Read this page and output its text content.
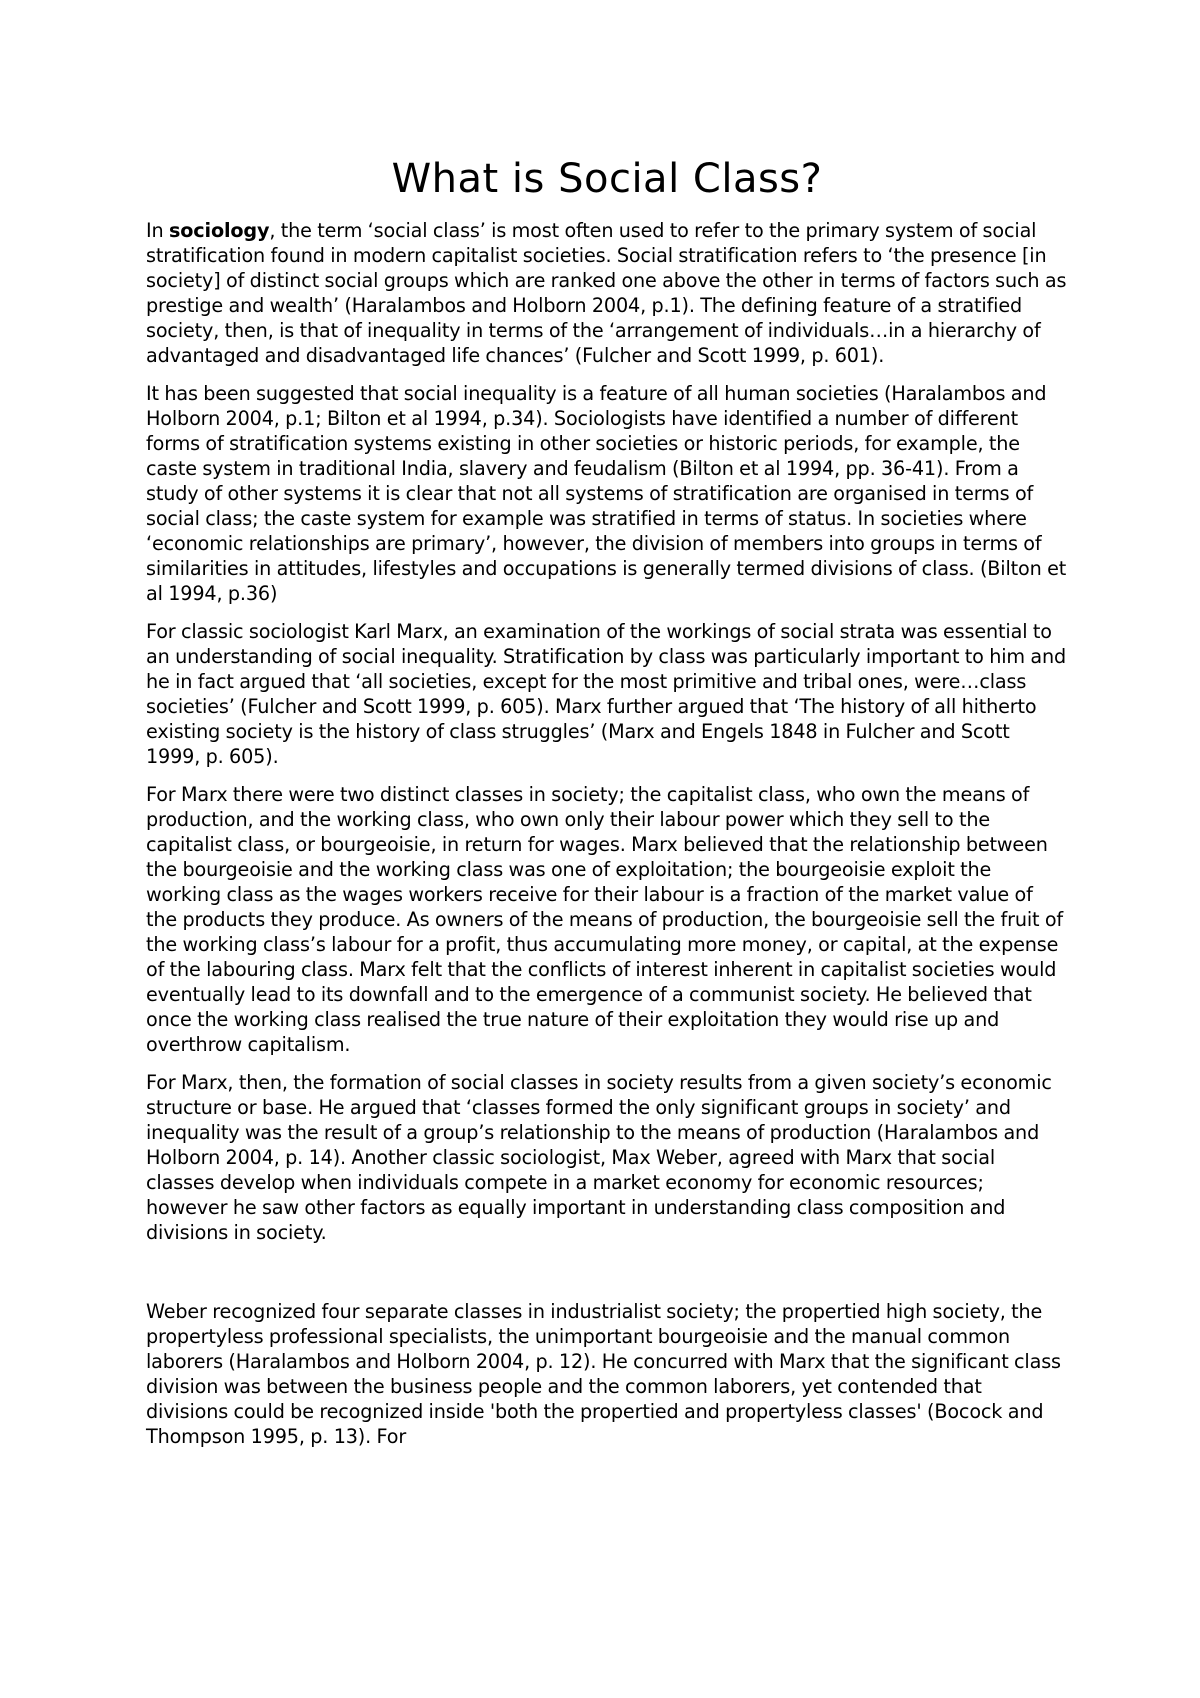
What is Social Class?

In sociology, the term ‘social class’ is most often used to refer to the primary system of social stratification found in modern capitalist societies. Social stratification refers to ‘the presence [in society] of distinct social groups which are ranked one above the other in terms of factors such as prestige and wealth’ (Haralambos and Holborn 2004, p.1). The defining feature of a stratified society, then, is that of inequality in terms of the ‘arrangement of individuals…in a hierarchy of advantaged and disadvantaged life chances’ (Fulcher and Scott 1999, p. 601).

It has been suggested that social inequality is a feature of all human societies (Haralambos and Holborn 2004, p.1; Bilton et al 1994, p.34). Sociologists have identified a number of different forms of stratification systems existing in other societies or historic periods, for example, the caste system in traditional India, slavery and feudalism (Bilton et al 1994, pp. 36-41). From a study of other systems it is clear that not all systems of stratification are organised in terms of social class; the caste system for example was stratified in terms of status. In societies where ‘economic relationships are primary’, however, the division of members into groups in terms of similarities in attitudes, lifestyles and occupations is generally termed divisions of class. (Bilton et al 1994, p.36)

For classic sociologist Karl Marx, an examination of the workings of social strata was essential to an understanding of social inequality. Stratification by class was particularly important to him and he in fact argued that ‘all societies, except for the most primitive and tribal ones, were…class societies’ (Fulcher and Scott 1999, p. 605). Marx further argued that ‘The history of all hitherto existing society is the history of class struggles’ (Marx and Engels 1848 in Fulcher and Scott 1999, p. 605).

For Marx there were two distinct classes in society; the capitalist class, who own the means of production, and the working class, who own only their labour power which they sell to the capitalist class, or bourgeoisie, in return for wages. Marx believed that the relationship between the bourgeoisie and the working class was one of exploitation; the bourgeoisie exploit the working class as the wages workers receive for their labour is a fraction of the market value of the products they produce. As owners of the means of production, the bourgeoisie sell the fruit of the working class’s labour for a profit, thus accumulating more money, or capital, at the expense of the labouring class. Marx felt that the conflicts of interest inherent in capitalist societies would eventually lead to its downfall and to the emergence of a communist society. He believed that once the working class realised the true nature of their exploitation they would rise up and overthrow capitalism.

For Marx, then, the formation of social classes in society results from a given society’s economic structure or base. He argued that ‘classes formed the only significant groups in society’ and inequality was the result of a group’s relationship to the means of production (Haralambos and Holborn 2004, p. 14). Another classic sociologist, Max Weber, agreed with Marx that social classes develop when individuals compete in a market economy for economic resources; however he saw other factors as equally important in understanding class composition and divisions in society.

Weber recognized four separate classes in industrialist society; the propertied high society, the propertyless professional specialists, the unimportant bourgeoisie and the manual common laborers (Haralambos and Holborn 2004, p. 12). He concurred with Marx that the significant class division was between the business people and the common laborers, yet contended that divisions could be recognized inside 'both the propertied and propertyless classes' (Bocock and Thompson 1995, p. 13). For
